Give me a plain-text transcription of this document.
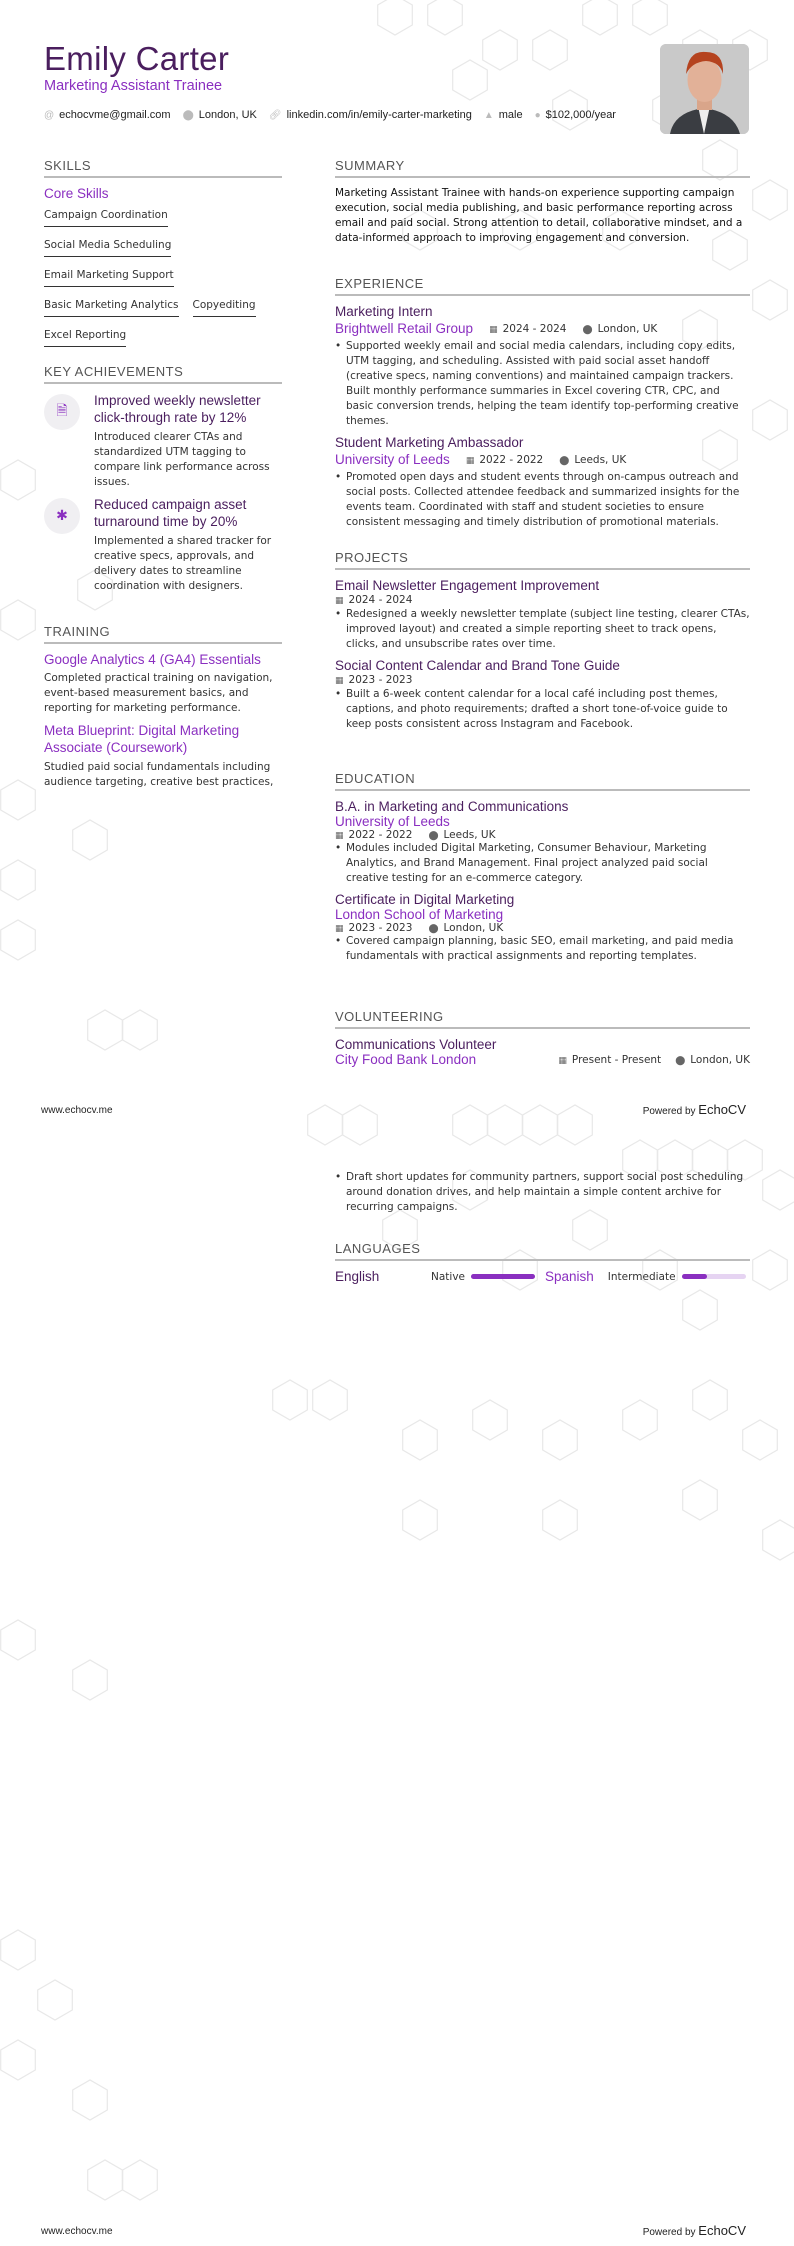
Emily Carter
Marketing Assistant Trainee
@ echocvme@gmail.com ⬤ London, UK 🔗︎ linkedin.com/in/emily-carter-marketing ▲ male ● $102,000/year
SKILLS
Core Skills
Campaign Coordination
Social Media Scheduling
Email Marketing Support
Basic Marketing Analytics Copyediting
Excel Reporting
KEY ACHIEVEMENTS
🗎︎
Improved weekly newsletter click-through rate by 12%
Introduced clearer CTAs and standardized UTM tagging to compare link performance across issues.
✱
Reduced campaign asset turnaround time by 20%
Implemented a shared tracker for creative specs, approvals, and delivery dates to streamline coordination with designers.
TRAINING
Google Analytics 4 (GA4) Essentials
Completed practical training on navigation, event-based measurement basics, and reporting for marketing performance.
Meta Blueprint: Digital Marketing Associate (Coursework)
Studied paid social fundamentals including audience targeting, creative best practices,
SUMMARY
Marketing Assistant Trainee with hands-on experience supporting campaign execution, social media publishing, and basic performance reporting across email and paid social. Strong attention to detail, collaborative mindset, and a data-informed approach to improving engagement and conversion.
EXPERIENCE
Marketing Intern
Brightwell Retail Group ▦ 2024 - 2024 ⬤ London, UK
• Supported weekly email and social media calendars, including copy edits, UTM tagging, and scheduling. Assisted with paid social asset handoff (creative specs, naming conventions) and maintained campaign trackers. Built monthly performance summaries in Excel covering CTR, CPC, and basic conversion trends, helping the team identify top-performing creative themes.
Student Marketing Ambassador
University of Leeds ▦ 2022 - 2022 ⬤ Leeds, UK
• Promoted open days and student events through on-campus outreach and social posts. Collected attendee feedback and summarized insights for the events team. Coordinated with staff and student societies to ensure consistent messaging and timely distribution of promotional materials.
PROJECTS
Email Newsletter Engagement Improvement
▦ 2024 - 2024
• Redesigned a weekly newsletter template (subject line testing, clearer CTAs, improved layout) and created a simple reporting sheet to track opens, clicks, and unsubscribe rates over time.
Social Content Calendar and Brand Tone Guide
▦ 2023 - 2023
• Built a 6-week content calendar for a local café including post themes, captions, and photo requirements; drafted a short tone-of-voice guide to keep posts consistent across Instagram and Facebook.
EDUCATION
B.A. in Marketing and Communications
University of Leeds
▦ 2022 - 2022 ⬤ Leeds, UK
• Modules included Digital Marketing, Consumer Behaviour, Marketing Analytics, and Brand Management. Final project analyzed paid social creative testing for an e-commerce category.
Certificate in Digital Marketing
London School of Marketing
▦ 2023 - 2023 ⬤ London, UK
• Covered campaign planning, basic SEO, email marketing, and paid media fundamentals with practical assignments and reporting templates.
VOLUNTEERING
Communications Volunteer
City Food Bank London	▦ Present - Present ⬤ London, UK
www.echocv.me	Powered by EchoCV
• Draft short updates for community partners, support social post scheduling around donation drives, and help maintain a simple content archive for recurring campaigns.
LANGUAGES
English	Native	Spanish Intermediate
www.echocv.me	Powered by EchoCV
